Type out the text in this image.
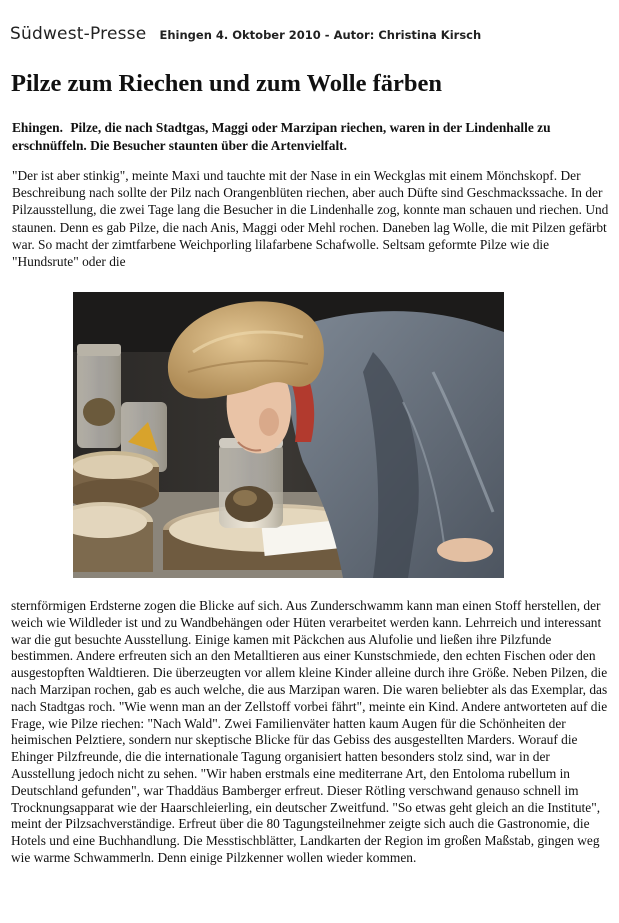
Südwest-Presse Ehingen 4. Oktober 2010 - Autor: Christina Kirsch
Pilze zum Riechen und zum Wolle färben

Ehingen. Pilze, die nach Stadtgas, Maggi oder Marzipan riechen, waren in der Lindenhalle zu erschnüffeln. Die Besucher staunten über die Artenvielfalt.

"Der ist aber stinkig", meinte Maxi und tauchte mit der Nase in ein Weckglas mit einem Mönchskopf. Der Beschreibung nach sollte der Pilz nach Orangenblüten riechen, aber auch Düfte sind Geschmackssache. In der Pilzausstellung, die zwei Tage lang die Besucher in die Lindenhalle zog, konnte man schauen und riechen. Und staunen. Denn es gab Pilze, die nach Anis, Maggi oder Mehl rochen. Daneben lag Wolle, die mit Pilzen gefärbt war. So macht der zimtfarbene Weichporling lilafarbene Schafwolle. Seltsam geformte Pilze wie die "Hundsrute" oder die

sternförmigen Erdsterne zogen die Blicke auf sich. Aus Zunderschwamm kann man einen Stoff herstellen, der weich wie Wildleder ist und zu Wandbehängen oder Hüten verarbeitet werden kann. Lehrreich und interessant war die gut besuchte Ausstellung. Einige kamen mit Päckchen aus Alufolie und ließen ihre Pilzfunde bestimmen. Andere erfreuten sich an den Metalltieren aus einer Kunstschmiede, den echten Fischen oder den ausgestopften Waldtieren. Die überzeugten vor allem kleine Kinder alleine durch ihre Größe. Neben Pilzen, die nach Marzipan rochen, gab es auch welche, die aus Marzipan waren. Die waren beliebter als das Exemplar, das nach Stadtgas roch. "Wie wenn man an der Zellstoff vorbei fährt", meinte ein Kind. Andere antworteten auf die Frage, wie Pilze riechen: "Nach Wald". Zwei Familienväter hatten kaum Augen für die Schönheiten der heimischen Pelztiere, sondern nur skeptische Blicke für das Gebiss des ausgestellten Marders. Worauf die Ehinger Pilzfreunde, die die internationale Tagung organisiert hatten besonders stolz sind, war in der Ausstellung jedoch nicht zu sehen. "Wir haben erstmals eine mediterrane Art, den Entoloma rubellum in Deutschland gefunden", war Thaddäus Bamberger erfreut. Dieser Rötling verschwand genauso schnell im Trocknungsapparat wie der Haarschleierling, ein deutscher Zweitfund. "So etwas geht gleich an die Institute", meint der Pilzsachverständige. Erfreut über die 80 Tagungsteilnehmer zeigte sich auch die Gastronomie, die Hotels und eine Buchhandlung. Die Messtischblätter, Landkarten der Region im großen Maßstab, gingen weg wie warme Schwammerln. Denn einige Pilzkenner wollen wieder kommen.
